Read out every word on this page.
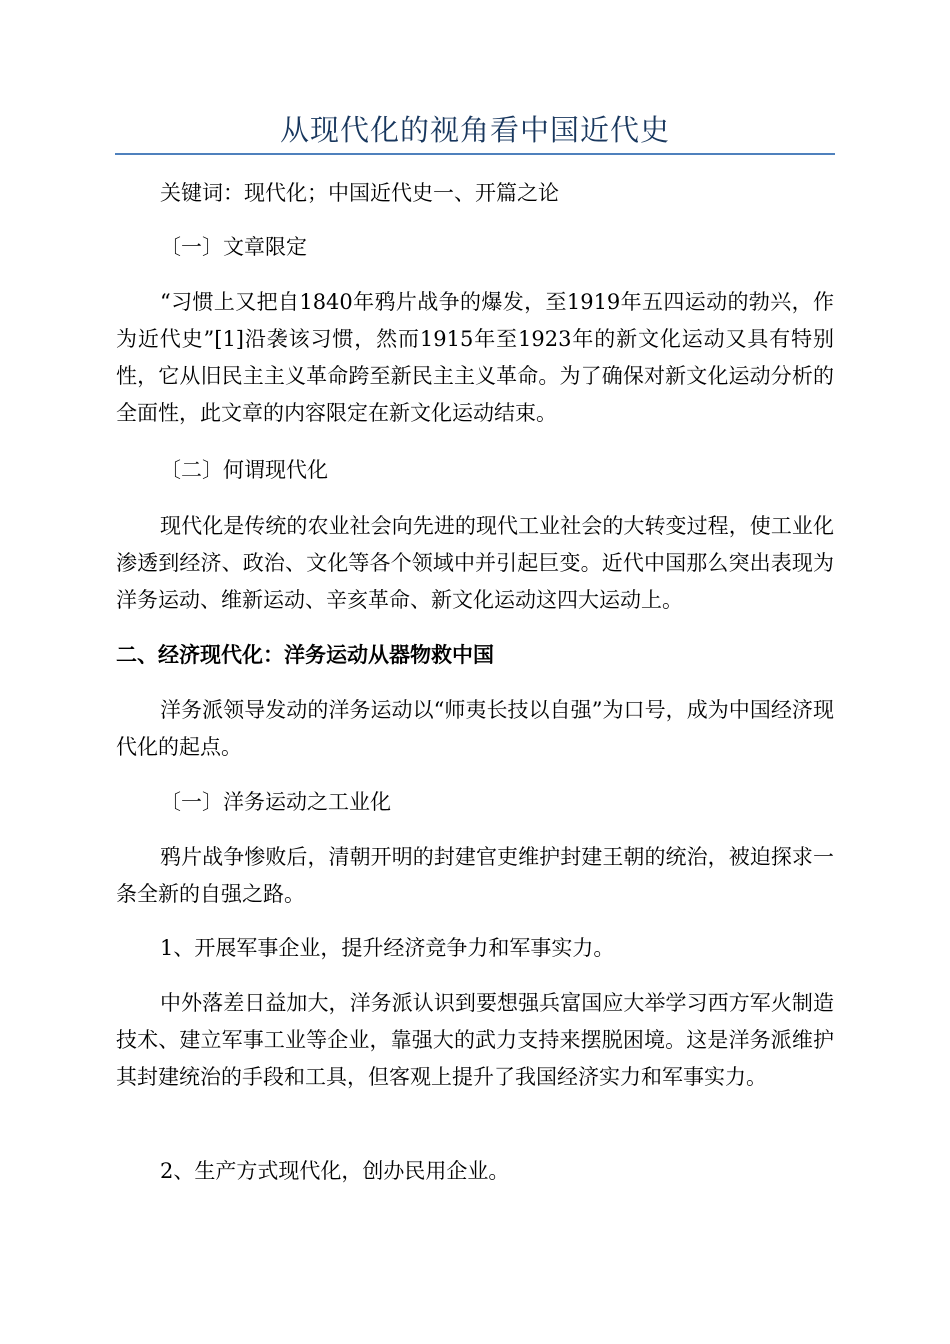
从现代化的视角看中国近代史

关键词：现代化；中国近代史一、开篇之论

〔一〕文章限定

“习惯上又把自1840年鸦片战争的爆发，至1919年五四运动的勃兴，作为近代史”[1]沿袭该习惯，然而1915年至1923年的新文化运动又具有特别性，它从旧民主主义革命跨至新民主主义革命。为了确保对新文化运动分析的全面性，此文章的内容限定在新文化运动结束。

〔二〕何谓现代化

现代化是传统的农业社会向先进的现代工业社会的大转变过程，使工业化渗透到经济、政治、文化等各个领域中并引起巨变。近代中国那么突出表现为洋务运动、维新运动、辛亥革命、新文化运动这四大运动上。

二、经济现代化：洋务运动从器物救中国

洋务派领导发动的洋务运动以“师夷长技以自强”为口号，成为中国经济现代化的起点。

〔一〕洋务运动之工业化

鸦片战争惨败后，清朝开明的封建官吏维护封建王朝的统治，被迫探求一条全新的自强之路。

1、开展军事企业，提升经济竞争力和军事实力。

中外落差日益加大，洋务派认识到要想强兵富国应大举学习西方军火制造技术、建立军事工业等企业，靠强大的武力支持来摆脱困境。这是洋务派维护其封建统治的手段和工具，但客观上提升了我国经济实力和军事实力。

2、生产方式现代化，创办民用企业。
